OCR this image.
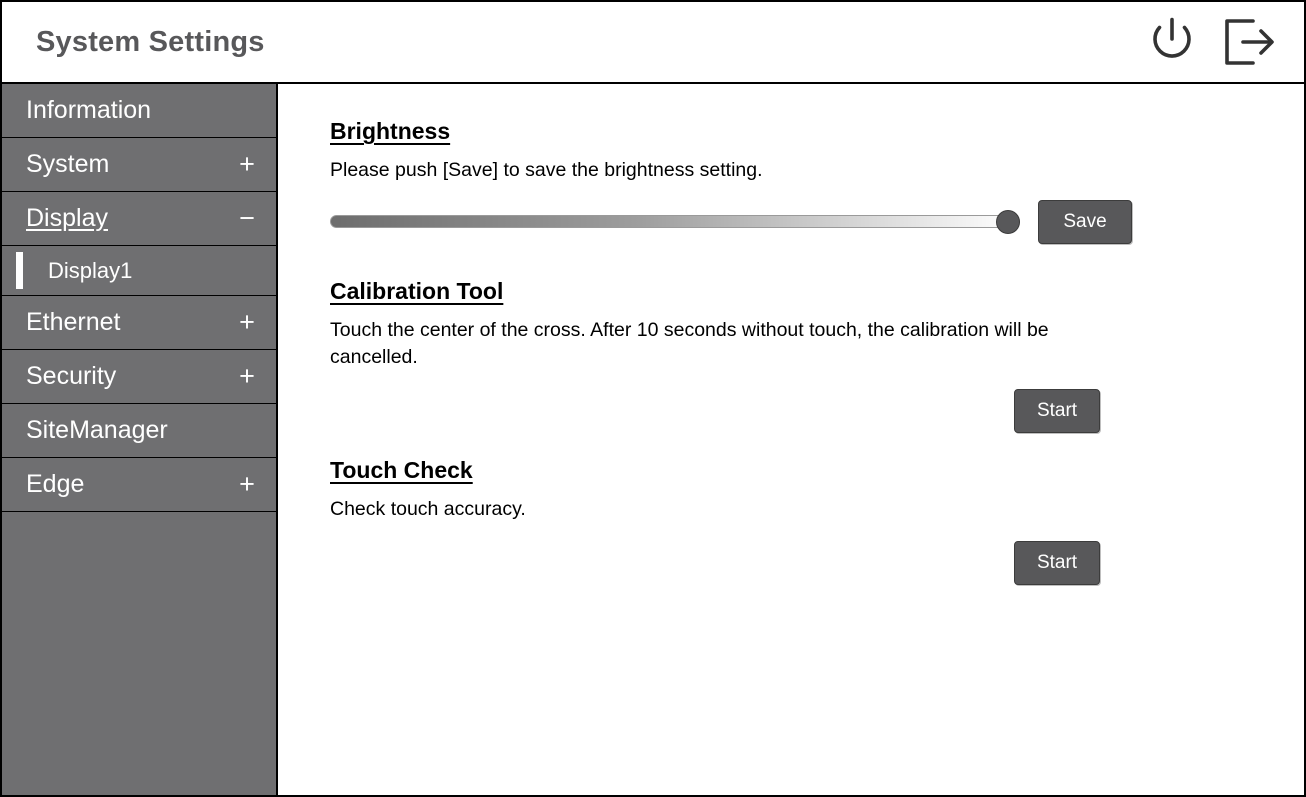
System Settings
Information
System	+
Display	−
Display1
Ethernet	+
Security	+
SiteManager
Edge	+
Brightness
Please push [Save] to save the brightness setting.
Save
Calibration Tool
Touch the center of the cross. After 10 seconds without touch, the calibration will be cancelled.
Start
Touch Check
Check touch accuracy.
Start
